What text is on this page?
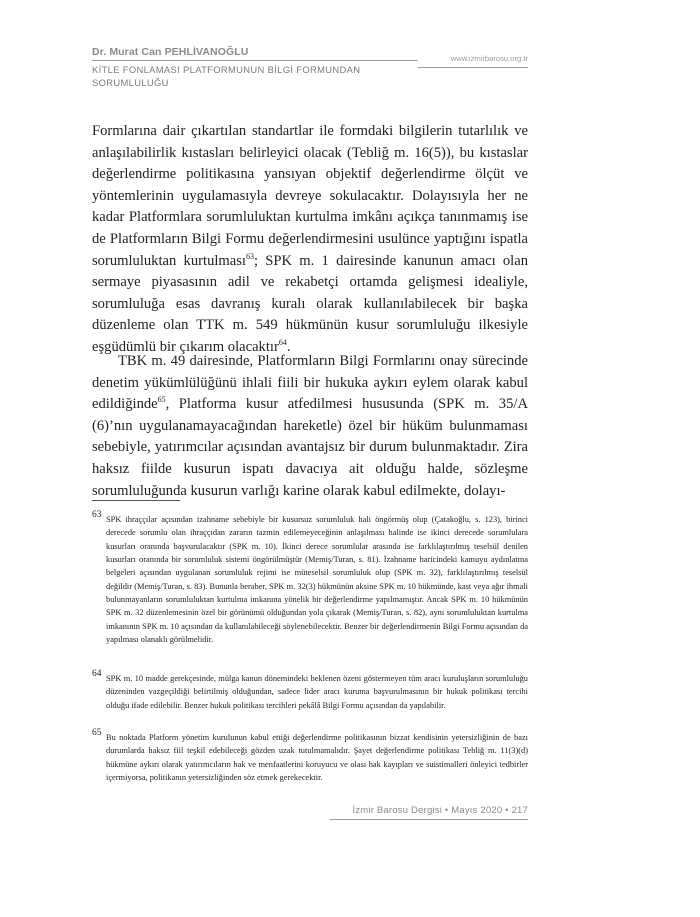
Dr. Murat Can PEHLİVANOĞLU
KİTLE FONLAMASI PLATFORMUNUN BİLGİ FORMUNDAN SORUMLULUĞU
www.izmirbarosu.org.tr

Formlarına dair çıkartılan standartlar ile formdaki bilgilerin tutarlılık ve anlaşılabilirlik kıstasları belirleyici olacak (Tebliğ m. 16(5)), bu kıstaslar değerlendirme politikasına yansıyan objektif değerlendirme ölçüt ve yöntemlerinin uygulamasıyla devreye sokulacaktır. Dolayısıyla her ne kadar Platformlara sorumluluktan kurtulma imkânı açıkça tanınmamış ise de Platformların Bilgi Formu değerlendirmesini usulünce yaptığını ispatla sorumluluktan kurtulması$^{63}$; SPK m. 1 dairesinde kanunun amacı olan sermaye piyasasının adil ve rekabetçi ortamda gelişmesi idealiyle, sorumluluğa esas davranış kuralı olarak kullanılabilecek bir başka düzenleme olan TTK m. 549 hükmünün kusur sorumluluğu ilkesiyle eşgüdümlü bir çıkarım olacaktır$^{64}$.

TBK m. 49 dairesinde, Platformların Bilgi Formlarını onay sürecinde denetim yükümlülüğünü ihlali fiili bir hukuka aykırı eylem olarak kabul edildiğinde$^{65}$, Platforma kusur atfedilmesi hususunda (SPK m. 35/A (6)’nın uygulanamayacağından hareketle) özel bir hüküm bulunmaması sebebiyle, yatırımcılar açısından avantajsız bir durum bulunmaktadır. Zira haksız fiilde kusurun ispatı davacıya ait olduğu halde, sözleşme sorumluluğunda kusurun varlığı karine olarak kabul edilmekte, dolayı-

63 SPK ihraççılar açısından izahname sebebiyle bir kusursuz sorumluluk hali öngörmüş olup (Çatakoğlu, s. 123), birinci derecede sorumlu olan ihraççıdan zararın tazmin edilemeyeceğinin anlaşılması halinde ise ikinci derecede sorumlulara kusurları oranında başvurulacaktır (SPK m. 10). İkinci derece sorumlular arasında ise farklılaştırılmış teselsül denilen kusurları oranında bir sorumluluk sistemi öngörülmüştür (Memiş/Turan, s. 81). İzahname haricindeki kamuyu aydınlatma belgeleri açısından uygulanan sorumluluk rejimi ise müteselsil sorumluluk olup (SPK m. 32), farklılaştırılmış teselsül değildir (Memiş/Turan, s. 83). Bununla beraber, SPK m. 32(3) hükmünün aksine SPK m. 10 hükmünde, kast veya ağır ihmali bulunmayanların sorumluluktan kurtulma imkanına yönelik bir değerlendirme yapılmamıştır. Ancak SPK m. 10 hükmünün SPK m. 32 düzenlemesinin özel bir görünümü olduğundan yola çıkarak (Memiş/Turan, s. 82), aynı sorumluluktan kurtulma imkanının SPK m. 10 açısından da kullanılabileceği söylenebilecektir. Benzer bir değerlendirmenin Bilgi Formu açısından da yapılması olanaklı görülmelidir.

64 SPK m. 10 madde gerekçesinde, mülga kanun dönemindeki beklenen özeni göstermeyen tüm aracı kuruluşların sorumluluğu düzeninden vazgeçildiği belirtilmiş olduğundan, sadece lider aracı kuruma başvurulmasının bir hukuk politikası tercihi olduğu ifade edilebilir. Benzer hukuk politikası tercihleri pekâlâ Bilgi Formu açısından da yapılabilir.

65 Bu noktada Platform yönetim kurulunun kabul ettiği değerlendirme politikasının bizzat kendisinin yetersizliğinin de bazı durumlarda haksız fiil teşkil edebileceği gözden uzak tutulmamalıdır. Şayet değerlendirme politikası Tebliğ m. 11(3)(d) hükmüne aykırı olarak yatırımcıların hak ve menfaatlerini koruyucu ve olası hak kayıpları ve suistimalleri önleyici tedbirler içermiyorsa, politikanın yetersizliğinden söz etmek gerekecektir.

İzmir Barosu Dergisi • Mayıs 2020 • 217
